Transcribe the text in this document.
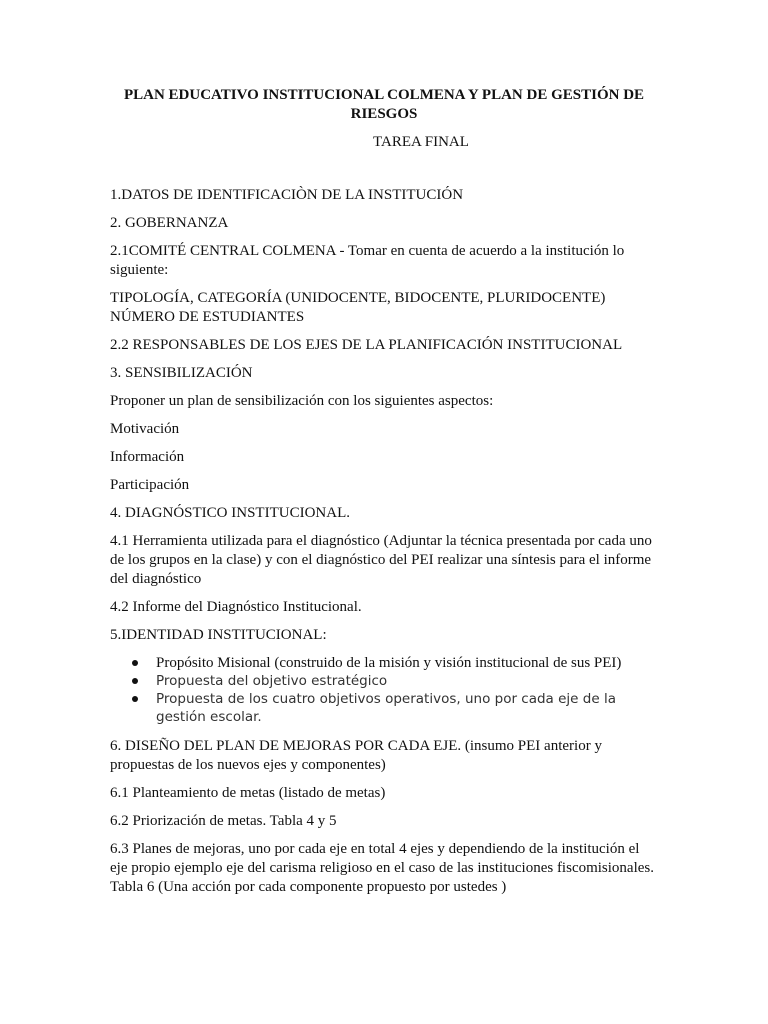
PLAN EDUCATIVO INSTITUCIONAL COLMENA Y PLAN DE GESTIÓN DE RIESGOS
TAREA FINAL

1.DATOS DE IDENTIFICACIÒN DE LA INSTITUCIÓN

2. GOBERNANZA

2.1COMITÉ CENTRAL COLMENA - Tomar en cuenta de acuerdo a la institución lo siguiente:

TIPOLOGÍA, CATEGORÍA (UNIDOCENTE, BIDOCENTE, PLURIDOCENTE) NÚMERO DE ESTUDIANTES

2.2 RESPONSABLES DE LOS EJES DE LA PLANIFICACIÓN INSTITUCIONAL

3. SENSIBILIZACIÓN

Proponer un plan de sensibilización con los siguientes aspectos:

Motivación

Información

Participación

4. DIAGNÓSTICO INSTITUCIONAL.

4.1 Herramienta utilizada para el diagnóstico (Adjuntar la técnica presentada por cada uno de los grupos en la clase) y con el diagnóstico del PEI realizar una síntesis para el informe del diagnóstico

4.2 Informe del Diagnóstico Institucional.

5.IDENTIDAD INSTITUCIONAL:

Propósito Misional (construido de la misión y visión institucional de sus PEI)
Propuesta del objetivo estratégico
Propuesta de los cuatro objetivos operativos, uno por cada eje de la gestión escolar.

6. DISEÑO DEL PLAN DE MEJORAS POR CADA EJE. (insumo PEI anterior y propuestas de los nuevos ejes y componentes)

6.1 Planteamiento de metas (listado de metas)

6.2 Priorización de metas. Tabla 4 y 5

6.3 Planes de mejoras, uno por cada eje en total 4 ejes y dependiendo de la institución el eje propio ejemplo eje del carisma religioso en el caso de las instituciones fiscomisionales. Tabla 6 (Una acción por cada componente propuesto por ustedes )
